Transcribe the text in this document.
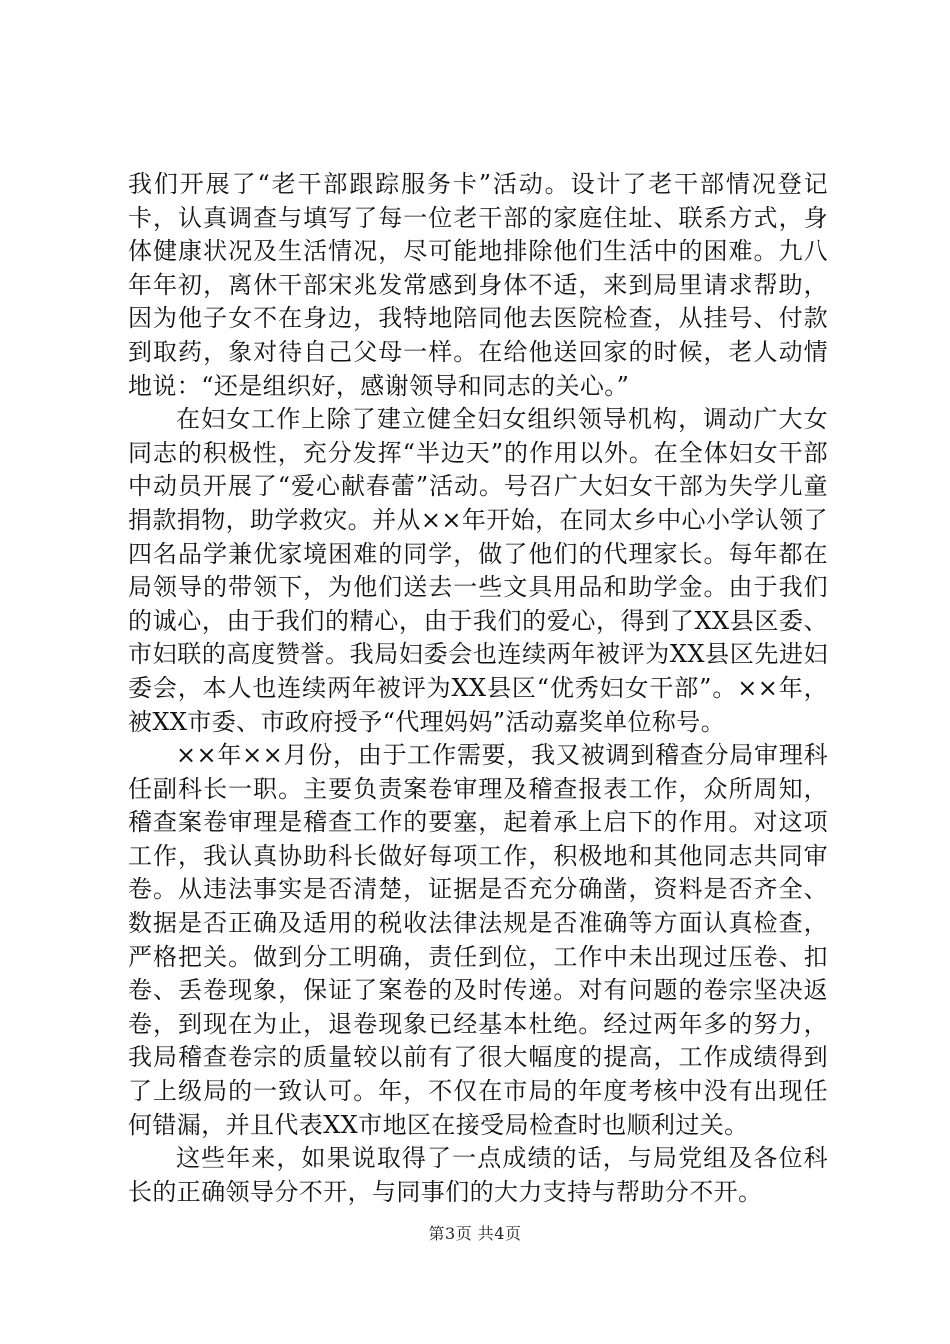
我们开展了“老干部跟踪服务卡”活动。设计了老干部情况登记卡，认真调查与填写了每一位老干部的家庭住址、联系方式，身体健康状况及生活情况，尽可能地排除他们生活中的困难。九八年年初，离休干部宋兆发常感到身体不适，来到局里请求帮助，因为他子女不在身边，我特地陪同他去医院检查，从挂号、付款到取药，象对待自己父母一样。在给他送回家的时候，老人动情地说：“还是组织好，感谢领导和同志的关心。”

在妇女工作上除了建立健全妇女组织领导机构，调动广大女同志的积极性，充分发挥“半边天”的作用以外。在全体妇女干部中动员开展了“爱心献春蕾”活动。号召广大妇女干部为失学儿童捐款捐物，助学救灾。并从××年开始，在同太乡中心小学认领了四名品学兼优家境困难的同学，做了他们的代理家长。每年都在局领导的带领下，为他们送去一些文具用品和助学金。由于我们的诚心，由于我们的精心，由于我们的爱心，得到了XX县区委、市妇联的高度赞誉。我局妇委会也连续两年被评为XX县区先进妇委会，本人也连续两年被评为XX县区“优秀妇女干部”。××年，被XX市委、市政府授予“代理妈妈”活动嘉奖单位称号。

××年××月份，由于工作需要，我又被调到稽查分局审理科任副科长一职。主要负责案卷审理及稽查报表工作，众所周知，稽查案卷审理是稽查工作的要塞，起着承上启下的作用。对这项工作，我认真协助科长做好每项工作，积极地和其他同志共同审卷。从违法事实是否清楚，证据是否充分确凿，资料是否齐全、数据是否正确及适用的税收法律法规是否准确等方面认真检查，严格把关。做到分工明确，责任到位，工作中未出现过压卷、扣卷、丢卷现象，保证了案卷的及时传递。对有问题的卷宗坚决返卷，到现在为止，退卷现象已经基本杜绝。经过两年多的努力，我局稽查卷宗的质量较以前有了很大幅度的提高，工作成绩得到了上级局的一致认可。年，不仅在市局的年度考核中没有出现任何错漏，并且代表XX市地区在接受局检查时也顺利过关。

这些年来，如果说取得了一点成绩的话，与局党组及各位科长的正确领导分不开，与同事们的大力支持与帮助分不开。

第3页 共4页
